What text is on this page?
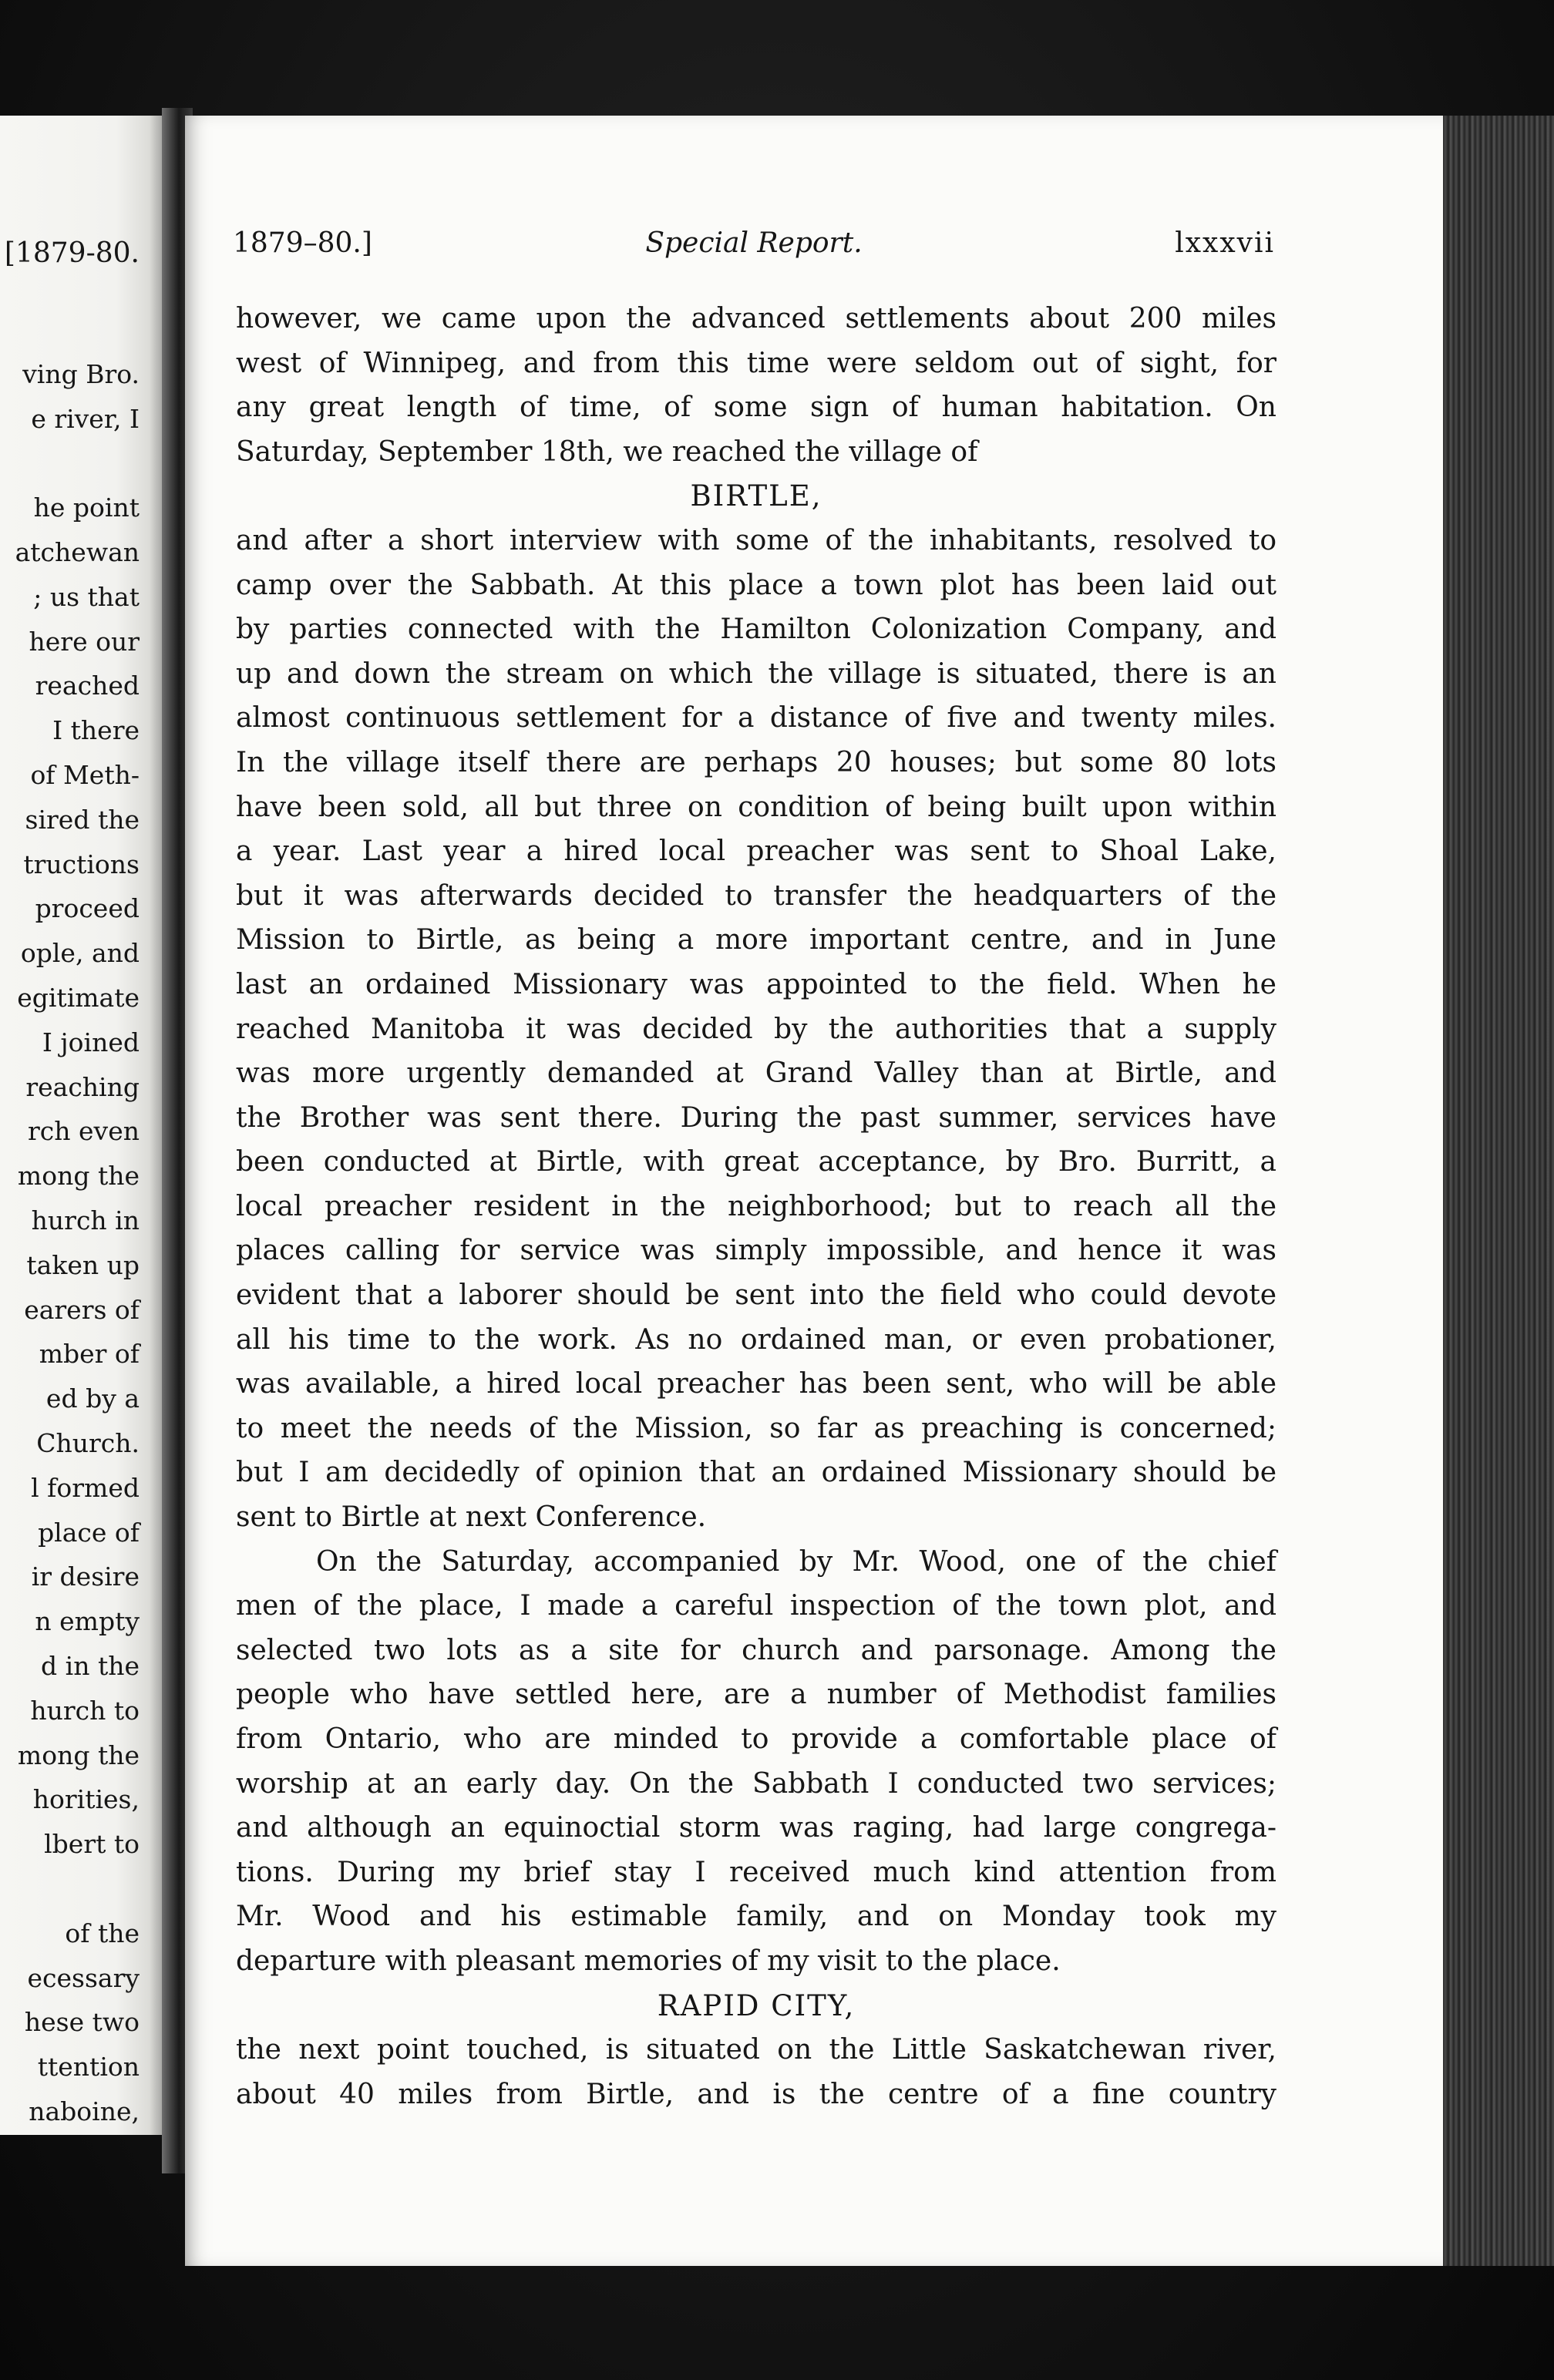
[1879-80.
ving Bro.
e river, I
he point
atchewan
; us that
here our
reached
I there
of Meth-
sired the
tructions
proceed
ople, and
egitimate
I joined
reaching
rch even
mong the
hurch in
taken up
earers of
mber of
ed by a
Church.
l formed
place of
ir desire
n empty
d in the
hurch to
mong the
horities,
lbert to
of the
ecessary
hese two
ttention
naboine,
1879–80.]	Special Report.	lxxxvii
however, we came upon the advanced settlements about 200 miles
west of Winnipeg, and from this time were seldom out of sight, for
any great length of time, of some sign of human habitation. On
Saturday, September 18th, we reached the village of
BIRTLE,
and after a short interview with some of the inhabitants, resolved to
camp over the Sabbath. At this place a town plot has been laid out
by parties connected with the Hamilton Colonization Company, and
up and down the stream on which the village is situated, there is an
almost continuous settlement for a distance of five and twenty miles.
In the village itself there are perhaps 20 houses; but some 80 lots
have been sold, all but three on condition of being built upon within
a year. Last year a hired local preacher was sent to Shoal Lake,
but it was afterwards decided to transfer the headquarters of the
Mission to Birtle, as being a more important centre, and in June
last an ordained Missionary was appointed to the field. When he
reached Manitoba it was decided by the authorities that a supply
was more urgently demanded at Grand Valley than at Birtle, and
the Brother was sent there. During the past summer, services have
been conducted at Birtle, with great acceptance, by Bro. Burritt, a
local preacher resident in the neighborhood; but to reach all the
places calling for service was simply impossible, and hence it was
evident that a laborer should be sent into the field who could devote
all his time to the work. As no ordained man, or even probationer,
was available, a hired local preacher has been sent, who will be able
to meet the needs of the Mission, so far as preaching is concerned;
but I am decidedly of opinion that an ordained Missionary should be
sent to Birtle at next Conference.
On the Saturday, accompanied by Mr. Wood, one of the chief
men of the place, I made a careful inspection of the town plot, and
selected two lots as a site for church and parsonage. Among the
people who have settled here, are a number of Methodist families
from Ontario, who are minded to provide a comfortable place of
worship at an early day. On the Sabbath I conducted two services;
and although an equinoctial storm was raging, had large congrega-
tions. During my brief stay I received much kind attention from
Mr. Wood and his estimable family, and on Monday took my
departure with pleasant memories of my visit to the place.
RAPID CITY,
the next point touched, is situated on the Little Saskatchewan river,
about 40 miles from Birtle, and is the centre of a fine country
